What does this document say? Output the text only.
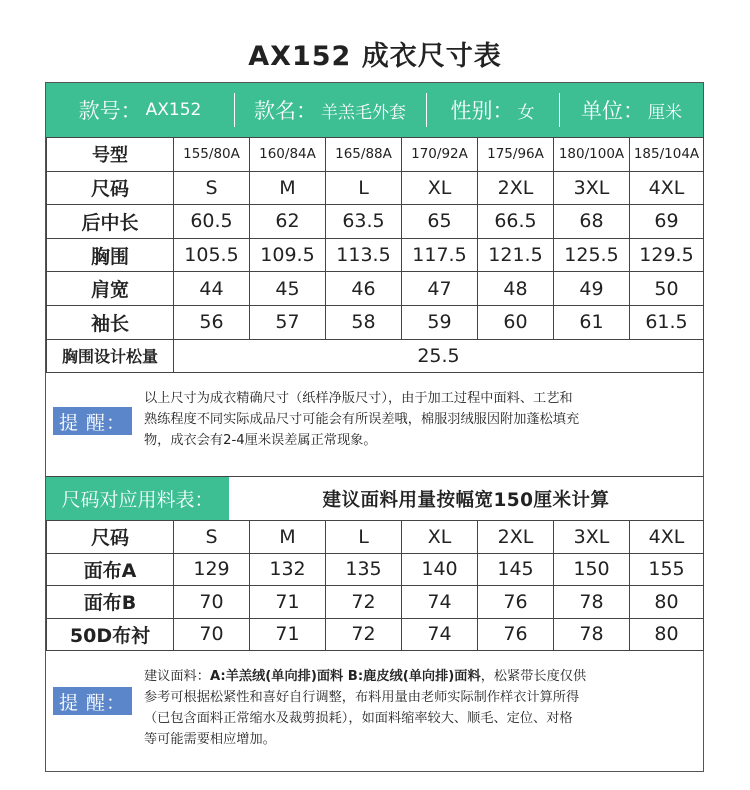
AX152 成衣尺寸表
款号： AX152	款名： 羊羔毛外套 性别： 女 单位： 厘米
号型	155/80A	160/84A	165/88A	170/92A	175/96A	180/100A	185/104A
尺码	S	M	L	XL	2XL	3XL	4XL
后中长	60.5	62	63.5	65	66.5	68	69
胸围	105.5	109.5	113.5	117.5	121.5	125.5	129.5
肩宽	44	45	46	47	48	49	50
袖长	56	57	58	59	60	61	61.5
胸围设计松量	25.5						
提 醒：
以上尺寸为成衣精确尺寸（纸样净版尺寸），由于加工过程中面料、工艺和
熟练程度不同实际成品尺寸可能会有所误差哦，棉服羽绒服因附加蓬松填充
物，成衣会有2-4厘米误差属正常现象。
尺码对应用料表：	建议面料用量按幅宽150厘米计算
尺码	S	M	L	XL	2XL	3XL	4XL
面布A	129	132	135	140	145	150	155
面布B	70	71	72	74	76	78	80
50D布衬	70	71	72	74	76	78	80
提 醒：
建议面料：A:羊羔绒(单向排)面料 B:鹿皮绒(单向排)面料，松紧带长度仅供
参考可根据松紧性和喜好自行调整，布料用量由老师实际制作样衣计算所得
（已包含面料正常缩水及裁剪损耗），如面料缩率较大、顺毛、定位、对格
等可能需要相应增加。
